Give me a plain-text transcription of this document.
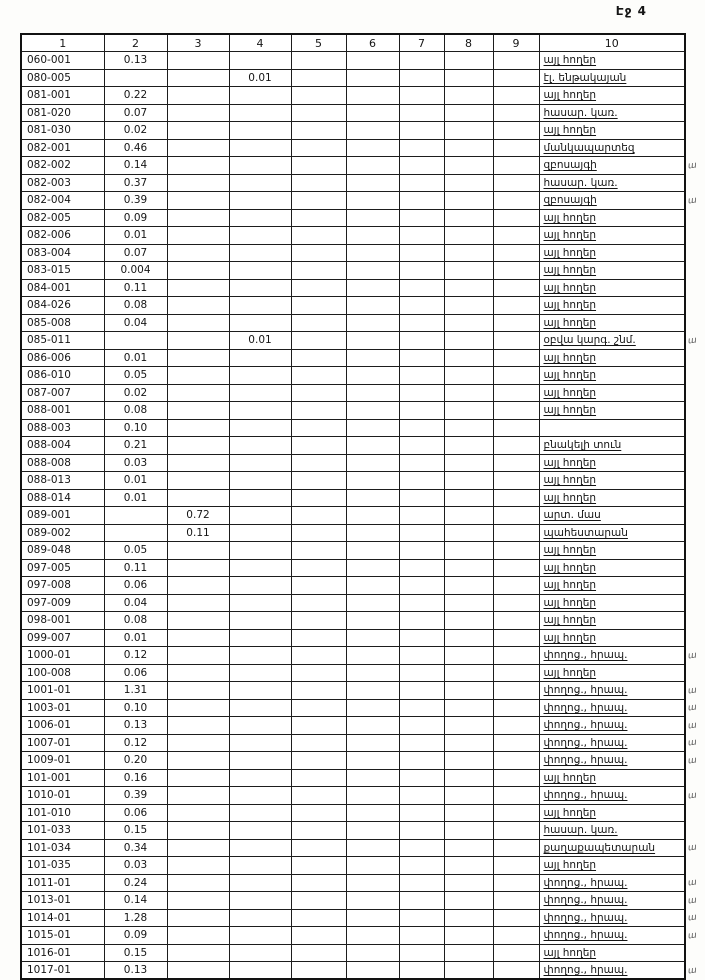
Էջ 4
1	2	3	4	5	6	7	8	9	10
060-001	0.13								այլ հողեր
080-005			0.01						էլ. ենթակայան
081-001	0.22								այլ հողեր
081-020	0.07								հասար. կառ.
081-030	0.02								այլ հողեր
082-001	0.46								մանկապարտեզ
082-002	0.14								զբոսայգի
082-003	0.37								հասար. կառ.
082-004	0.39								զբոսայգի
082-005	0.09								այլ հողեր
082-006	0.01								այլ հողեր
083-004	0.07								այլ հողեր
083-015	0.004								այլ հողեր
084-001	0.11								այլ հողեր
084-026	0.08								այլ հողեր
085-008	0.04								այլ հողեր
085-011			0.01						օբվա կարգ. շնմ.
086-006	0.01								այլ հողեր
086-010	0.05								այլ հողեր
087-007	0.02								այլ հողեր
088-001	0.08								այլ հողեր
088-003	0.10								
088-004	0.21								բնակելի տուն
088-008	0.03								այլ հողեր
088-013	0.01								այլ հողեր
088-014	0.01								այլ հողեր
089-001		0.72							արտ. մաս
089-002		0.11							պահեստարան
089-048	0.05								այլ հողեր
097-005	0.11								այլ հողեր
097-008	0.06								այլ հողեր
097-009	0.04								այլ հողեր
098-001	0.08								այլ հողեր
099-007	0.01								այլ հողեր
1000-01	0.12								փողոց., հրապ.
100-008	0.06								այլ հողեր
1001-01	1.31								փողոց., հրապ.
1003-01	0.10								փողոց., հրապ.
1006-01	0.13								փողոց., հրապ.
1007-01	0.12								փողոց., հրապ.
1009-01	0.20								փողոց., հրապ.
101-001	0.16								այլ հողեր
1010-01	0.39								փողոց., հրապ.
101-010	0.06								այլ հողեր
101-033	0.15								հասար. կառ.
101-034	0.34								քաղաքապետարան
101-035	0.03								այլ հողեր
1011-01	0.24								փողոց., հրապ.
1013-01	0.14								փողոց., հրապ.
1014-01	1.28								փողոց., հրապ.
1015-01	0.09								փողոց., հրապ.
1016-01	0.15								այլ հողեր
1017-01	0.13								փողոց., հրապ.
ա
ա
ա
ա
ա
ա
ա
ա
ա
ա
ա
ա
ա
ա
ա
ա
